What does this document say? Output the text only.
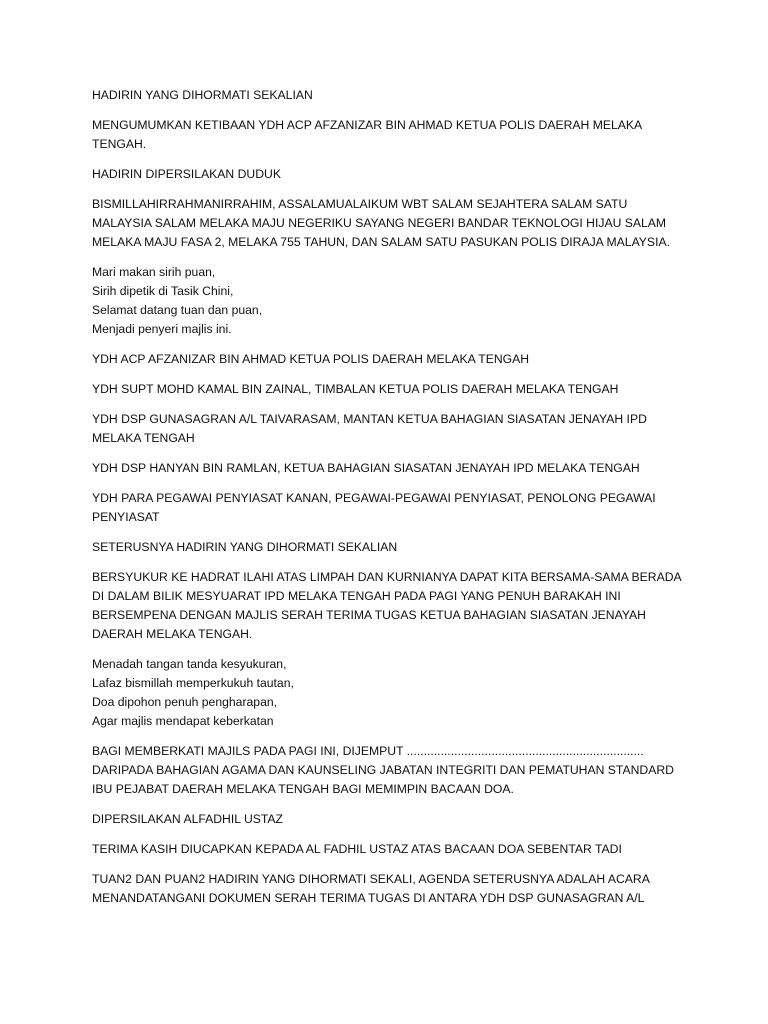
HADIRIN YANG DIHORMATI SEKALIAN

MENGUMUMKAN KETIBAAN YDH ACP AFZANIZAR BIN AHMAD KETUA POLIS DAERAH MELAKA
TENGAH.

HADIRIN DIPERSILAKAN DUDUK

BISMILLAHIRRAHMANIRRAHIM, ASSALAMUALAIKUM WBT SALAM SEJAHTERA SALAM SATU
MALAYSIA SALAM MELAKA MAJU NEGERIKU SAYANG NEGERI BANDAR TEKNOLOGI HIJAU SALAM
MELAKA MAJU FASA 2, MELAKA 755 TAHUN, DAN SALAM SATU PASUKAN POLIS DIRAJA MALAYSIA.

Mari makan sirih puan,
Sirih dipetik di Tasik Chini,
Selamat datang tuan dan puan,
Menjadi penyeri majlis ini.

YDH ACP AFZANIZAR BIN AHMAD KETUA POLIS DAERAH MELAKA TENGAH

YDH SUPT MOHD KAMAL BIN ZAINAL, TIMBALAN KETUA POLIS DAERAH MELAKA TENGAH

YDH DSP GUNASAGRAN A/L TAIVARASAM, MANTAN KETUA BAHAGIAN SIASATAN JENAYAH IPD
MELAKA TENGAH

YDH DSP HANYAN BIN RAMLAN, KETUA BAHAGIAN SIASATAN JENAYAH IPD MELAKA TENGAH

YDH PARA PEGAWAI PENYIASAT KANAN, PEGAWAI-PEGAWAI PENYIASAT, PENOLONG PEGAWAI
PENYIASAT

SETERUSNYA HADIRIN YANG DIHORMATI SEKALIAN

BERSYUKUR KE HADRAT ILAHI ATAS LIMPAH DAN KURNIANYA DAPAT KITA BERSAMA-SAMA BERADA
DI DALAM BILIK MESYUARAT IPD MELAKA TENGAH PADA PAGI YANG PENUH BARAKAH INI
BERSEMPENA DENGAN MAJLIS SERAH TERIMA TUGAS KETUA BAHAGIAN SIASATAN JENAYAH
DAERAH MELAKA TENGAH.

Menadah tangan tanda kesyukuran,
Lafaz bismillah memperkukuh tautan,
Doa dipohon penuh pengharapan,
Agar majlis mendapat keberkatan

BAGI MEMBERKATI MAJILS PADA PAGI INI, DIJEMPUT ......................................................................
DARIPADA BAHAGIAN AGAMA DAN KAUNSELING JABATAN INTEGRITI DAN PEMATUHAN STANDARD
IBU PEJABAT DAERAH MELAKA TENGAH BAGI MEMIMPIN BACAAN DOA.

DIPERSILAKAN ALFADHIL USTAZ

TERIMA KASIH DIUCAPKAN KEPADA AL FADHIL USTAZ ATAS BACAAN DOA SEBENTAR TADI

TUAN2 DAN PUAN2 HADIRIN YANG DIHORMATI SEKALI, AGENDA SETERUSNYA ADALAH ACARA
MENANDATANGANI DOKUMEN SERAH TERIMA TUGAS DI ANTARA YDH DSP GUNASAGRAN A/L
